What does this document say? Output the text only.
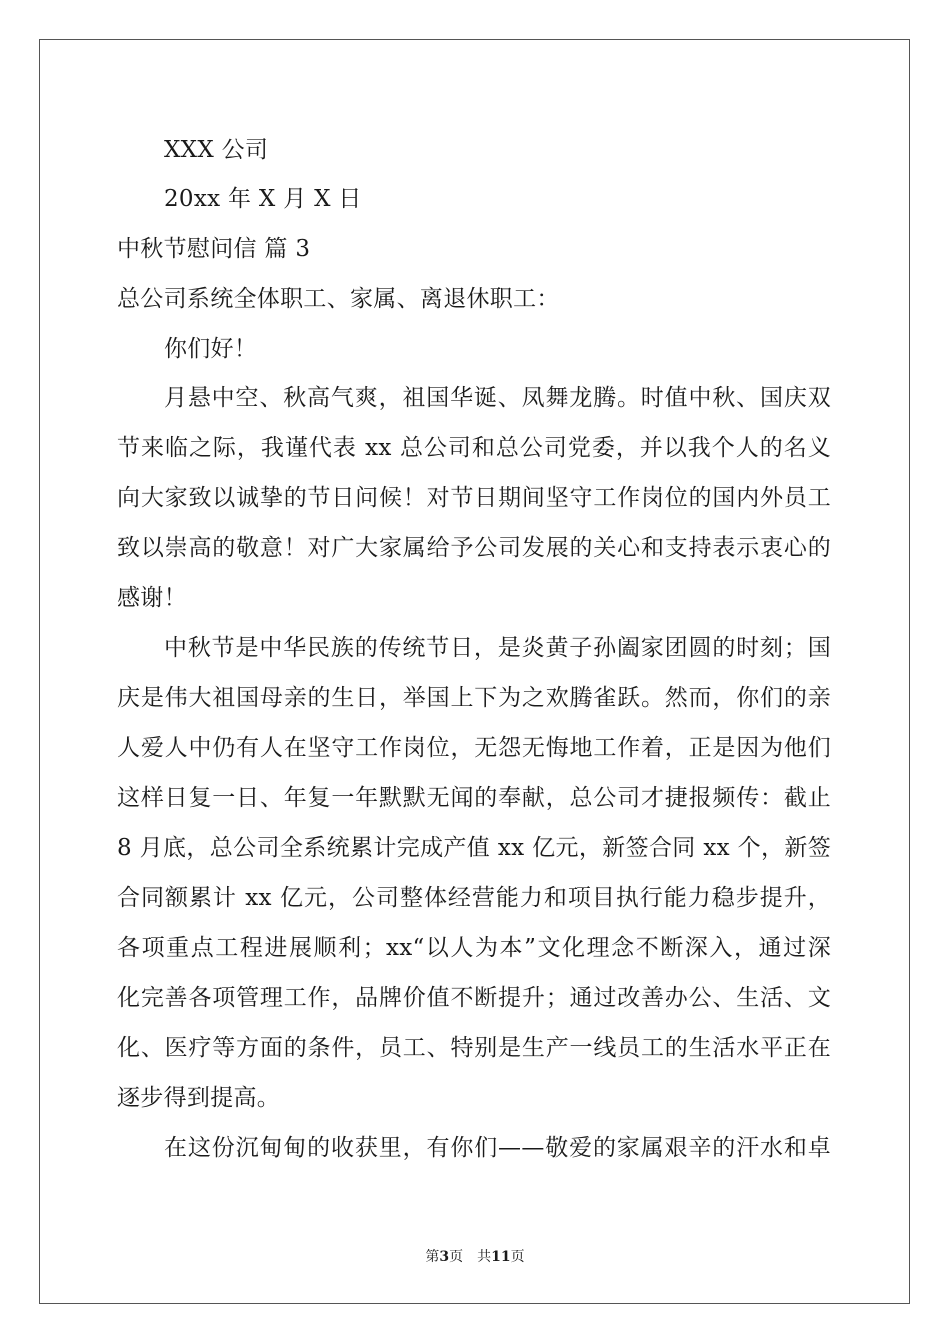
XXX 公司
20xx 年 X 月 X 日
中秋节慰问信 篇 3
总公司系统全体职工、家属、离退休职工：
你们好！
月悬中空、秋高气爽，祖国华诞、凤舞龙腾。时值中秋、国庆双
节来临之际，我谨代表 xx 总公司和总公司党委，并以我个人的名义
向大家致以诚挚的节日问候！对节日期间坚守工作岗位的国内外员工
致以崇高的敬意！对广大家属给予公司发展的关心和支持表示衷心的
感谢！
中秋节是中华民族的传统节日，是炎黄子孙阖家团圆的时刻；国
庆是伟大祖国母亲的生日，举国上下为之欢腾雀跃。然而，你们的亲
人爱人中仍有人在坚守工作岗位，无怨无悔地工作着，正是因为他们
这样日复一日、年复一年默默无闻的奉献，总公司才捷报频传：截止
8 月底，总公司全系统累计完成产值 xx 亿元，新签合同 xx 个，新签
合同额累计 xx 亿元，公司整体经营能力和项目执行能力稳步提升，
各项重点工程进展顺利；xx“以人为本”文化理念不断深入，通过深
化完善各项管理工作，品牌价值不断提升；通过改善办公、生活、文
化、医疗等方面的条件，员工、特别是生产一线员工的生活水平正在
逐步得到提高。
在这份沉甸甸的收获里，有你们——敬爱的家属艰辛的汗水和卓
第3页 共11页
